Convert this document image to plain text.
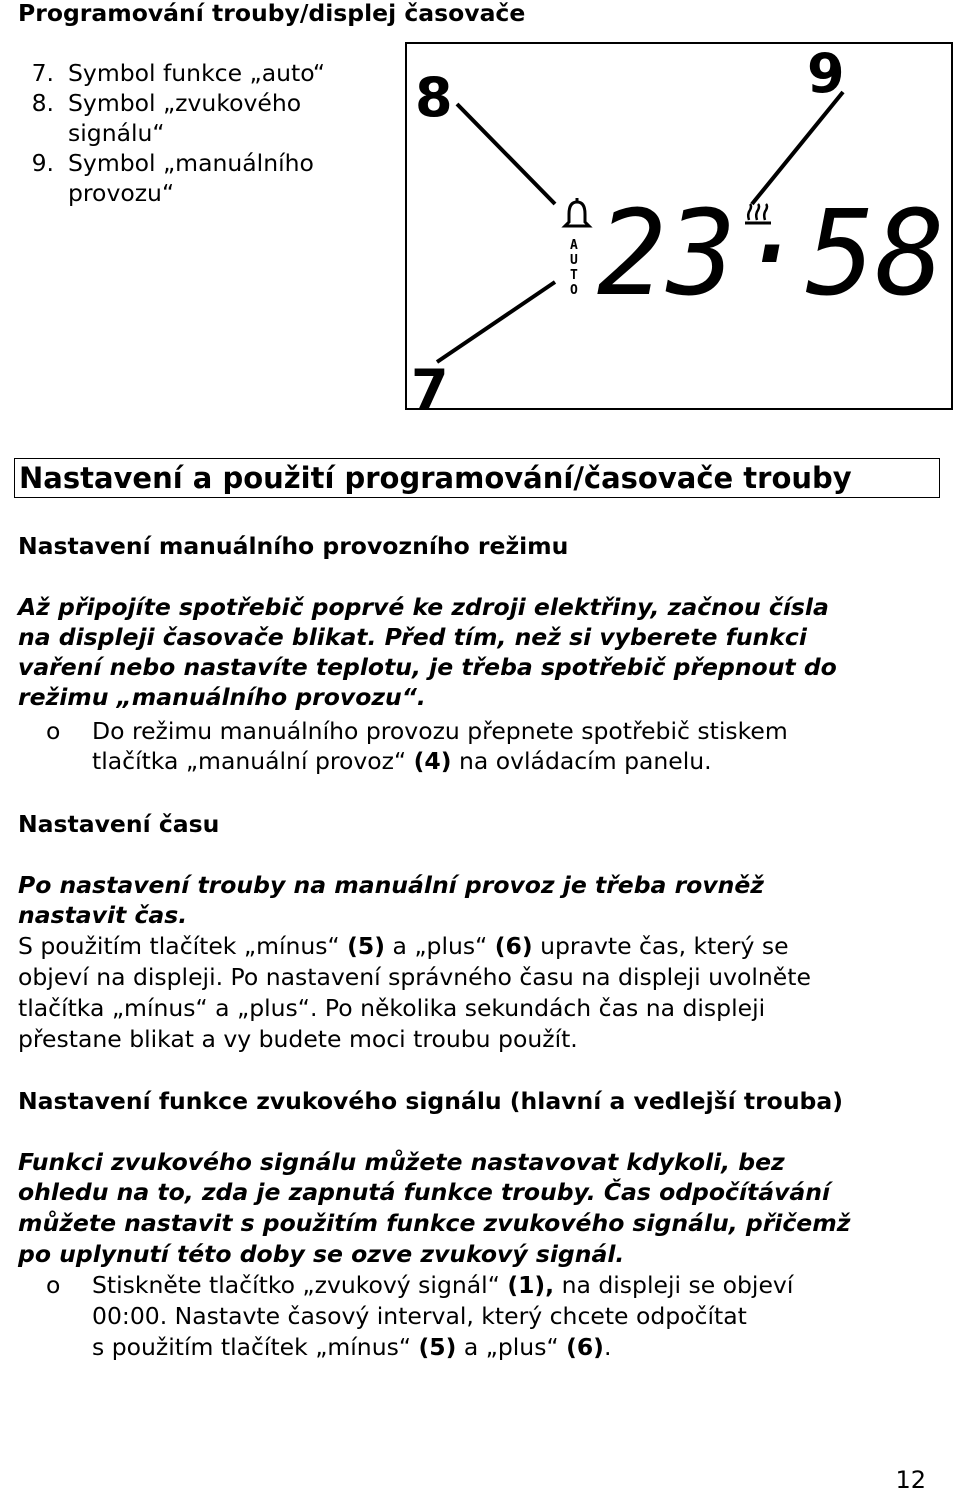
Programování trouby/displej časovače
7. Symbol funkce „auto“
8. Symbol „zvukového
signálu“
9. Symbol „manuálního
provozu“
8	9
7
A
U
T
O 23·58
Nastavení a použití programování/časovače trouby
Nastavení manuálního provozního režimu
Až připojíte spotřebič poprvé ke zdroji elektřiny, začnou čísla
na displeji časovače blikat. Před tím, než si vyberete funkci
vaření nebo nastavíte teplotu, je třeba spotřebič přepnout do
režimu „manuálního provozu“.
o Do režimu manuálního provozu přepnete spotřebič stiskem
tlačítka „manuální provoz“ (4) na ovládacím panelu.
Nastavení času
Po nastavení trouby na manuální provoz je třeba rovněž
nastavit čas.
S použitím tlačítek „mínus“ (5) a „plus“ (6) upravte čas, který se
objeví na displeji. Po nastavení správného času na displeji uvolněte
tlačítka „mínus“ a „plus“. Po několika sekundách čas na displeji
přestane blikat a vy budete moci troubu použít.
Nastavení funkce zvukového signálu (hlavní a vedlejší trouba)
Funkci zvukového signálu můžete nastavovat kdykoli, bez
ohledu na to, zda je zapnutá funkce trouby. Čas odpočítávání
můžete nastavit s použitím funkce zvukového signálu, přičemž
po uplynutí této doby se ozve zvukový signál.
o Stiskněte tlačítko „zvukový signál“ (1), na displeji se objeví
00:00. Nastavte časový interval, který chcete odpočítat
s použitím tlačítek „mínus“ (5) a „plus“ (6).
12
